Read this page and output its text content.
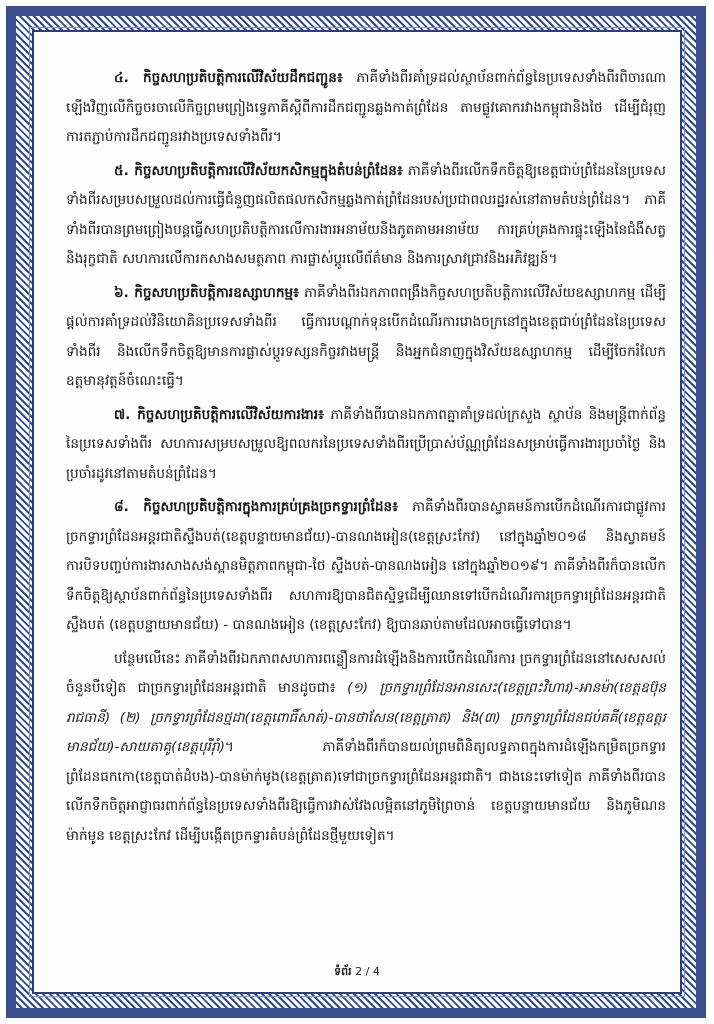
៤. កិច្ចសហប្រតិបត្តិការលើវិស័យដឹកជញ្ជូន៖ ភាគីទាំងពីរគាំទ្រដល់ស្ថាប័នពាក់ព័ន្ធនៃប្រទេសទាំងពីរពិចារណាឡើងវិញលើកិច្ចចរចាលើកិច្ចព្រមព្រៀងទ្វេភាគីស្តីពីការដឹកជញ្ជូនឆ្លងកាត់ព្រំដែន តាមផ្លូវគោករវាងកម្ពុជានិងថៃ ដើម្បីជំរុញការតភ្ជាប់ការដឹកជញ្ជូនរវាងប្រទេសទាំងពីរ។

៥. កិច្ចសហប្រតិបត្តិការលើវិស័យកសិកម្មក្នុងតំបន់ព្រំដែន៖ ភាគីទាំងពីរលើកទឹកចិត្តឱ្យខេត្តជាប់ព្រំដែននៃប្រទេសទាំងពីរសម្របសម្រួលដល់ការធ្វើជំនួញផលិតផលកសិកម្មឆ្លងកាត់ព្រំដែនរបស់ប្រជាពលរដ្ឋរស់នៅតាមតំបន់ព្រំដែន។ ភាគីទាំងពីរបានព្រមព្រៀងបន្តធ្វើសហប្រតិបត្តិការលើការងារអនាម័យនិងភូតគាមអនាម័យ ការគ្រប់គ្រងការផ្ទុះឡើងនៃជំងឺសត្វនិងរុក្ខជាតិ សហការលើការកសាងសមត្ថភាព ការផ្លាស់ប្តូរលើព័ត៌មាន និងការស្រាវជ្រាវនិងអភិវឌ្ឍន៍។

៦. កិច្ចសហប្រតិបត្តិការឧស្សាហកម្ម៖ ភាគីទាំងពីរឯកភាពពង្រឹងកិច្ចសហប្រតិបត្តិការលើវិស័យឧស្សាហកម្ម ដើម្បីផ្តល់ការគាំទ្រដល់វិនិយោគិនប្រទេសទាំងពីរ ធ្វើការបណ្តាក់ទុនបើកដំណើរការរោងចក្រនៅក្នុងខេត្តជាប់ព្រំដែននៃប្រទេសទាំងពីរ និងលើកទឹកចិត្តឱ្យមានការផ្លាស់ប្តូរទស្សនកិច្ចរវាងមន្ត្រី និងអ្នកជំនាញក្នុងវិស័យឧស្សាហកម្ម ដើម្បីចែករំលែកឧត្តមានុវត្តន៍ចំណេះធ្វើ។

៧. កិច្ចសហប្រតិបត្តិការលើវិស័យការងារ៖ ភាគីទាំងពីរបានឯកភាពគ្នាគាំទ្រដល់ក្រសួង ស្ថាប័ន និងមន្ត្រីពាក់ព័ន្ធនៃប្រទេសទាំងពីរ សហការសម្របសម្រួលឱ្យពលករនៃប្រទេសទាំងពីរប្រើប្រាស់ប័ណ្ណព្រំដែនសម្រាប់ធ្វើការងារប្រចាំថ្ងៃ និងប្រចាំរដូវនៅតាមតំបន់ព្រំដែន។

៨. កិច្ចសហប្រតិបត្តិការក្នុងការគ្រប់គ្រងច្រកទ្វារព្រំដែន៖ ភាគីទាំងពីរបានស្វាគមន៍ការបើកដំណើរការជាផ្លូវការច្រកទ្វារព្រំដែនអន្តរជាតិស្ទឹងបត់(ខេត្តបន្ទាយមានជ័យ)-បានណងអៀន(ខេត្តស្រះកែវ) នៅក្នុងឆ្នាំ២០១៨ និងស្វាគមន៍ការបិទបញ្ចប់ការងារសាងសង់ស្ពានមិត្តភាពកម្ពុជា-ថៃ ស្ទឹងបត់-បានណងអៀន នៅក្នុងឆ្នាំ២០១៩។ ភាគីទាំងពីរក៏បានលើកទឹកចិត្តឱ្យស្ថាប័នពាក់ព័ន្ធនៃប្រទេសទាំងពីរ សហការឱ្យបានជិតស្និទ្ធដើម្បីឈានទៅបើកដំណើរការច្រកទ្វារព្រំដែនអន្តរជាតិស្ទឹងបត់ (ខេត្តបន្ទាយមានជ័យ) - បានណងអៀន (ខេត្តស្រះកែវ) ឱ្យបានឆាប់តាមដែលអាចធ្វើទៅបាន។

បន្ថែមលើនេះ ភាគីទាំងពីរឯកភាពសហការពន្លឿនការដំឡើងនិងការបើកដំណើរការ ច្រកទ្វារព្រំដែននៅសេសសល់ចំនួនបីទៀត ជាច្រកទ្វារព្រំដែនអន្តរជាតិ មានដូចជា៖ (១) ច្រកទ្វារព្រំដែនអានសេះ(ខេត្តព្រះវិហារ)-អានម៉ា(ខេត្តឧប៊ុនរាជធានី) (២) ច្រកទ្វារព្រំដែនថ្មដា(ខេត្តពោធិ៍សាត់)-បានថាសែន(ខេត្តត្រាត) និង(៣) ច្រកទ្វារព្រំដែនជប់គគី(ខេត្តឧត្តរមានជ័យ)-សាយតាគូ(ខេត្តបុរីរ៉ាំ)។ ភាគីទាំងពីរក៏បានយល់ព្រមពិនិត្យលទ្ធភាពក្នុងការដំឡើងកម្រិតច្រកទ្វារព្រំដែនធកកោ(ខេត្តបាត់ដំបង)-បានម៉ាក់មូង(ខេត្តត្រាត)ទៅជាច្រកទ្វារព្រំដែនអន្តរជាតិ។ ជាងនេះទៅទៀត ភាគីទាំងពីរបានលើកទឹកចិត្តអាជ្ញាធរពាក់ព័ន្ធនៃប្រទេសទាំងពីរឱ្យធ្វើការវាស់វែងលម្អិតនៅភូមិព្រៃចាន់ ខេត្តបន្ទាយមានជ័យ និងភូមិណនម៉ាក់មូន ខេត្តស្រះកែវ ដើម្បីបង្កើតច្រកទ្វារតំបន់ព្រំដែនថ្មីមួយទៀត។

ទំព័រ 2 / 4
